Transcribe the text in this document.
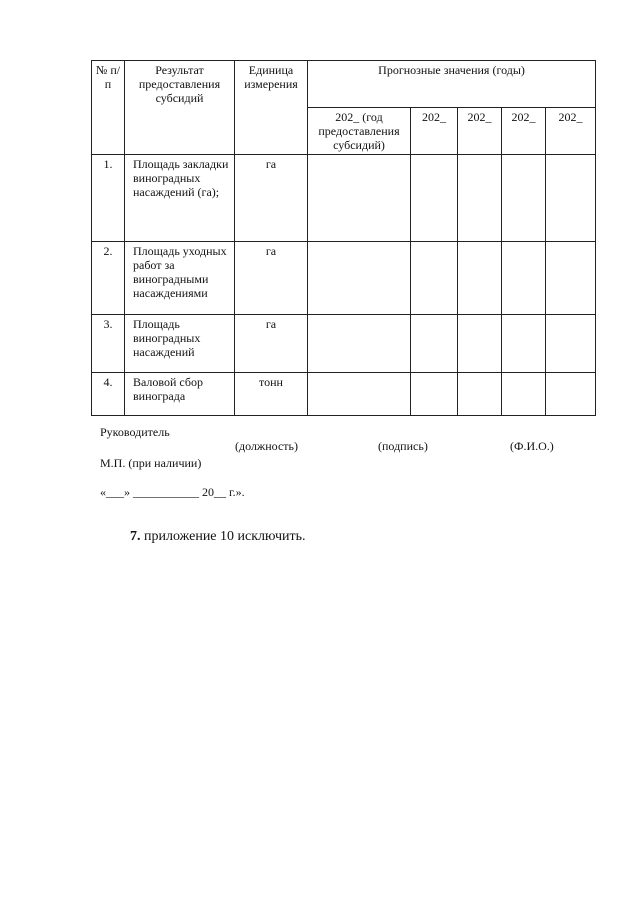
№ п/п	Результат предоставления субсидий	Единица измерения	Прогнозные значения (годы)				
			202_ (год предоставления субсидий)	202_	202_	202_	202_
1.	Площадь закладки виноградных насаждений (га);	га					
2.	Площадь уходных работ за виноградными насаждениями	га					
3.	Площадь виноградных насаждений	га					
4.	Валовой сбор винограда	тонн					
Руководитель
(должность)	(подпись)	(Ф.И.О.)
М.П. (при наличии)
«___» ___________ 20__ г.».
7. приложение 10 исключить.
